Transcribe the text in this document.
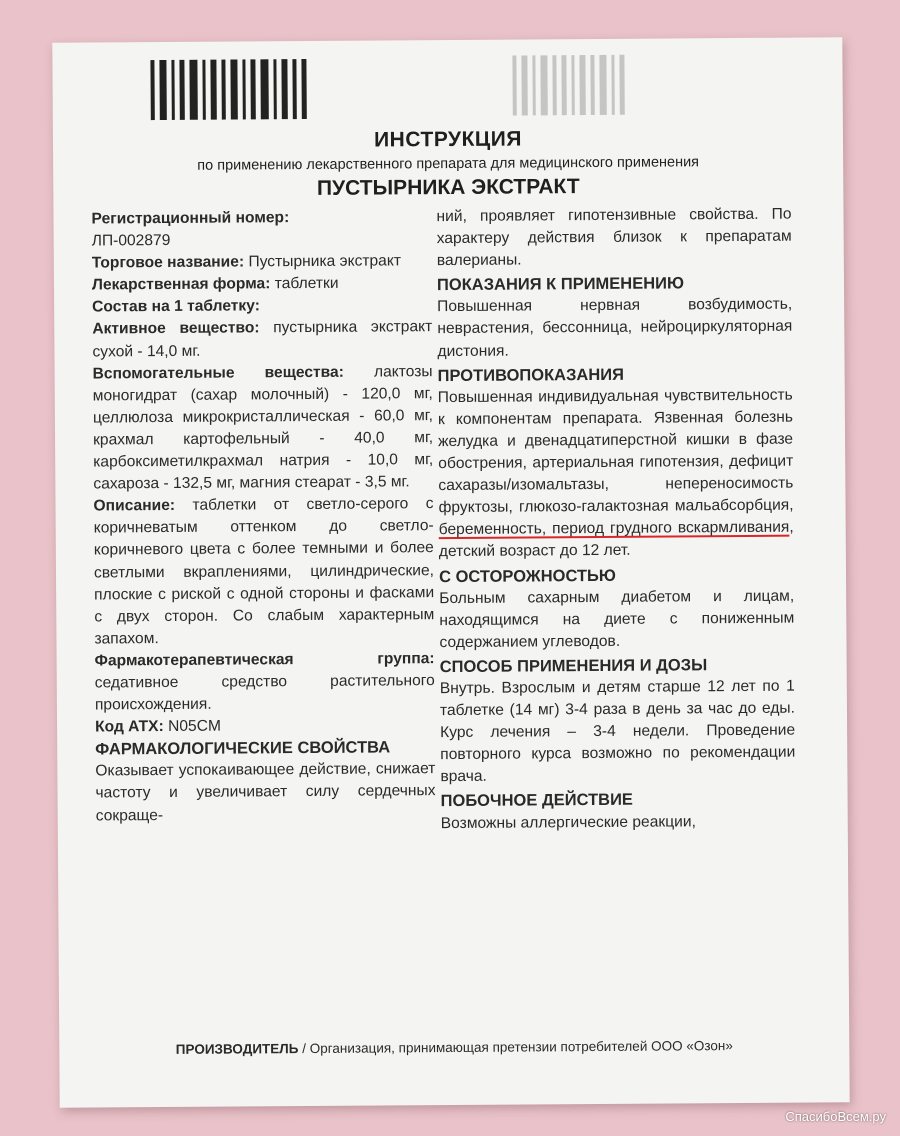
ИНСТРУКЦИЯ
по применению лекарственного препарата для медицинского применения
ПУСТЫРНИКА ЭКСТРАКТ

Регистрационный номер:
ЛП-002879

Торговое название: Пустырника экстракт

Лекарственная форма: таблетки

Состав на 1 таблетку:

Активное вещество: пустырника экстракт сухой - 14,0 мг.

Вспомогательные вещества: лактозы моногидрат (сахар молочный) - 120,0 мг, целлюлоза микрокристаллическая - 60,0 мг, крахмал картофельный - 40,0 мг, карбоксиметилкрахмал натрия - 10,0 мг, сахароза - 132,5 мг, магния стеарат - 3,5 мг.

Описание: таблетки от светло-серого с коричневатым оттенком до светло-коричневого цвета с более темными и более светлыми вкраплениями, цилиндрические, плоские с риской с одной стороны и фасками с двух сторон. Со слабым характерным запахом.

Фармакотерапевтическая группа: седативное средство растительного происхождения.

Код АТХ: N05CM

ФАРМАКОЛОГИЧЕСКИЕ СВОЙСТВА

Оказывает успокаивающее действие, снижает частоту и увеличивает силу сердечных сокраще-

ний, проявляет гипотензивные свойства. По характеру действия близок к препаратам валерианы.

ПОКАЗАНИЯ К ПРИМЕНЕНИЮ

Повышенная нервная возбудимость, неврастения, бессонница, нейроциркуляторная дистония.

ПРОТИВОПОКАЗАНИЯ

Повышенная индивидуальная чувствительность к компонентам препарата. Язвенная болезнь желудка и двенадцатиперстной кишки в фазе обострения, артериальная гипотензия, дефицит сахаразы/изомальтазы, непереносимость фруктозы, глюкозо-галактозная мальабсорбция, беременность, период грудного вскармливания, детский возраст до 12 лет.

С ОСТОРОЖНОСТЬЮ

Больным сахарным диабетом и лицам, находящимся на диете с пониженным содержанием углеводов.

СПОСОБ ПРИМЕНЕНИЯ И ДОЗЫ

Внутрь. Взрослым и детям старше 12 лет по 1 таблетке (14 мг) 3-4 раза в день за час до еды. Курс лечения – 3-4 недели. Проведение повторного курса возможно по рекомендации врача.

ПОБОЧНОЕ ДЕЙСТВИЕ

Возможны аллергические реакции,

ПРОИЗВОДИТЕЛЬ / Организация, принимающая претензии потребителей ООО «Озон»
СпасибоВсем.ру
